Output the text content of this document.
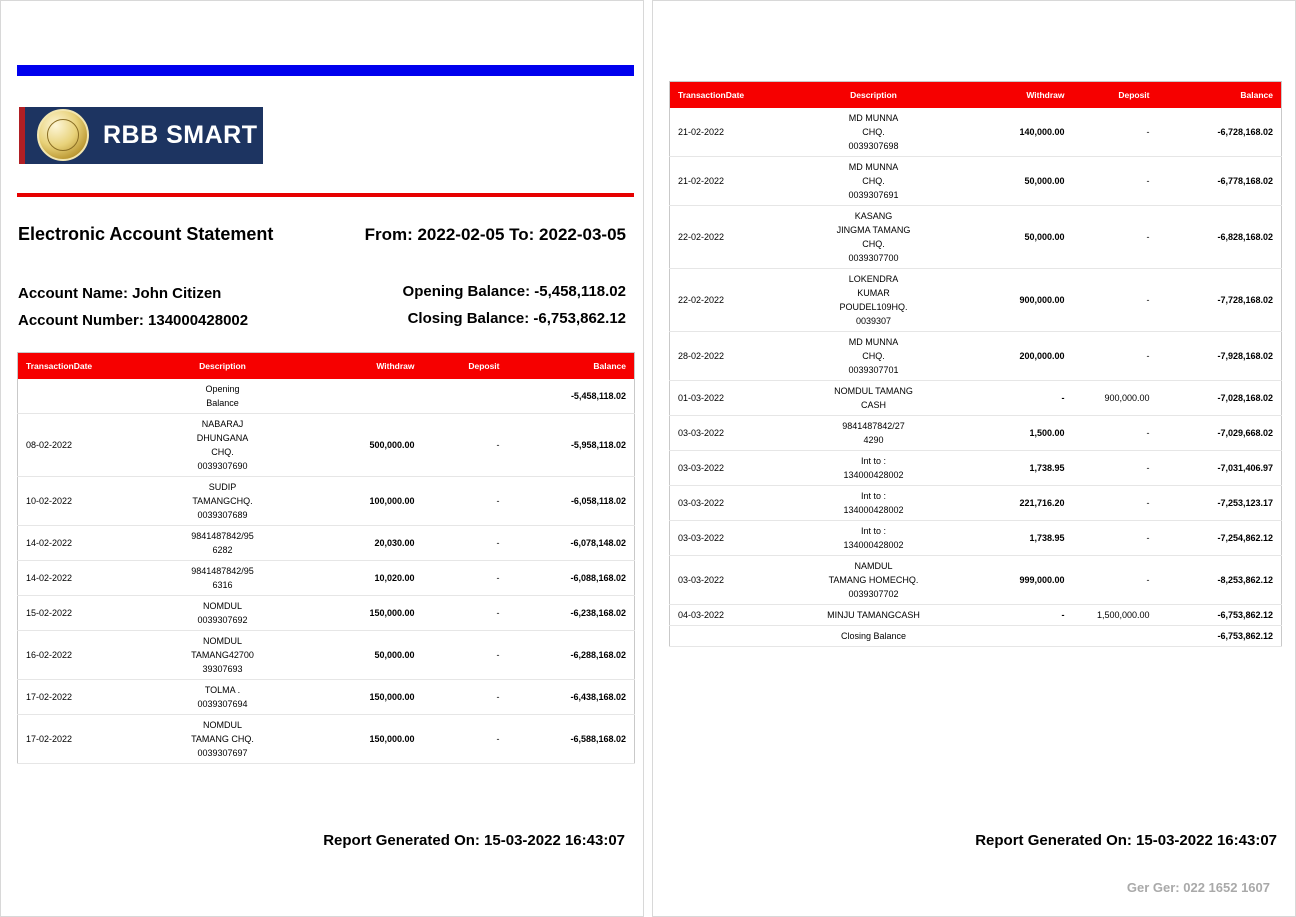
RBB SMART
Electronic Account Statement	From: 2022-02-05 To: 2022-03-05
Account Name: John Citizen
Account Number: 134000428002
Opening Balance: -5,458,118.02
Closing Balance: -6,753,862.12
TransactionDate	Description	Withdraw	Deposit	Balance

	Opening
Balance			-5,458,118.02
08-02-2022	NABARAJ
DHUNGANA
CHQ.
0039307690	500,000.00	-	-5,958,118.02
10-02-2022	SUDIP
TAMANGCHQ.
0039307689	100,000.00	-	-6,058,118.02
14-02-2022	9841487842/95
6282	20,030.00	-	-6,078,148.02
14-02-2022	9841487842/95
6316	10,020.00	-	-6,088,168.02
15-02-2022	NOMDUL
0039307692	150,000.00	-	-6,238,168.02
16-02-2022	NOMDUL
TAMANG42700
39307693	50,000.00	-	-6,288,168.02
17-02-2022	TOLMA .
0039307694	150,000.00	-	-6,438,168.02
17-02-2022	NOMDUL
TAMANG CHQ.
0039307697	150,000.00	-	-6,588,168.02
Report Generated On: 15-03-2022 16:43:07
TransactionDate	Description	Withdraw	Deposit	Balance
21-02-2022	MD MUNNA
CHQ.
0039307698	140,000.00	-	-6,728,168.02
21-02-2022	MD MUNNA
CHQ.
0039307691	50,000.00	-	-6,778,168.02
22-02-2022	KASANG
JINGMA TAMANG
CHQ.
0039307700	50,000.00	-	-6,828,168.02
22-02-2022	LOKENDRA
KUMAR
POUDEL109HQ.
0039307	900,000.00	-	-7,728,168.02
28-02-2022	MD MUNNA
CHQ.
0039307701	200,000.00	-	-7,928,168.02
01-03-2022	NOMDUL TAMANG
CASH	-	900,000.00	-7,028,168.02
03-03-2022	9841487842/27
4290	1,500.00	-	-7,029,668.02
03-03-2022	Int to :
134000428002	1,738.95	-	-7,031,406.97
03-03-2022	Int to :
134000428002	221,716.20	-	-7,253,123.17
03-03-2022	Int to :
134000428002	1,738.95	-	-7,254,862.12
03-03-2022	NAMDUL
TAMANG HOMECHQ.
0039307702	999,000.00	-	-8,253,862.12
04-03-2022	MINJU TAMANGCASH	-	1,500,000.00	-6,753,862.12

	Closing Balance			-6,753,862.12
Report Generated On: 15-03-2022 16:43:07
Ger Ger: 022 1652 1607
